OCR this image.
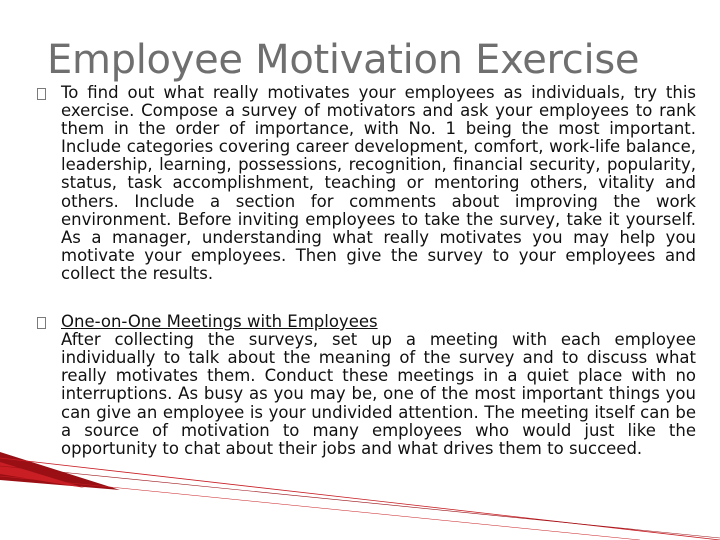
Employee Motivation Exercise

To find out what really motivates your employees as individuals, try this exercise. Compose a survey of motivators and ask your employees to rank them in the order of importance, with No. 1 being the most important. Include categories covering career development, comfort, work-life balance, leadership, learning, possessions, recognition, financial security, popularity, status, task accomplishment, teaching or mentoring others, vitality and others. Include a section for comments about improving the work environment. Before inviting employees to take the survey, take it yourself. As a manager, understanding what really motivates you may help you motivate your employees. Then give the survey to your employees and collect the results.

One-on-One Meetings with Employees

After collecting the surveys, set up a meeting with each employee individually to talk about the meaning of the survey and to discuss what really motivates them. Conduct these meetings in a quiet place with no interruptions. As busy as you may be, one of the most important things you can give an employee is your undivided attention. The meeting itself can be a source of motivation to many employees who would just like the opportunity to chat about their jobs and what drives them to succeed.
